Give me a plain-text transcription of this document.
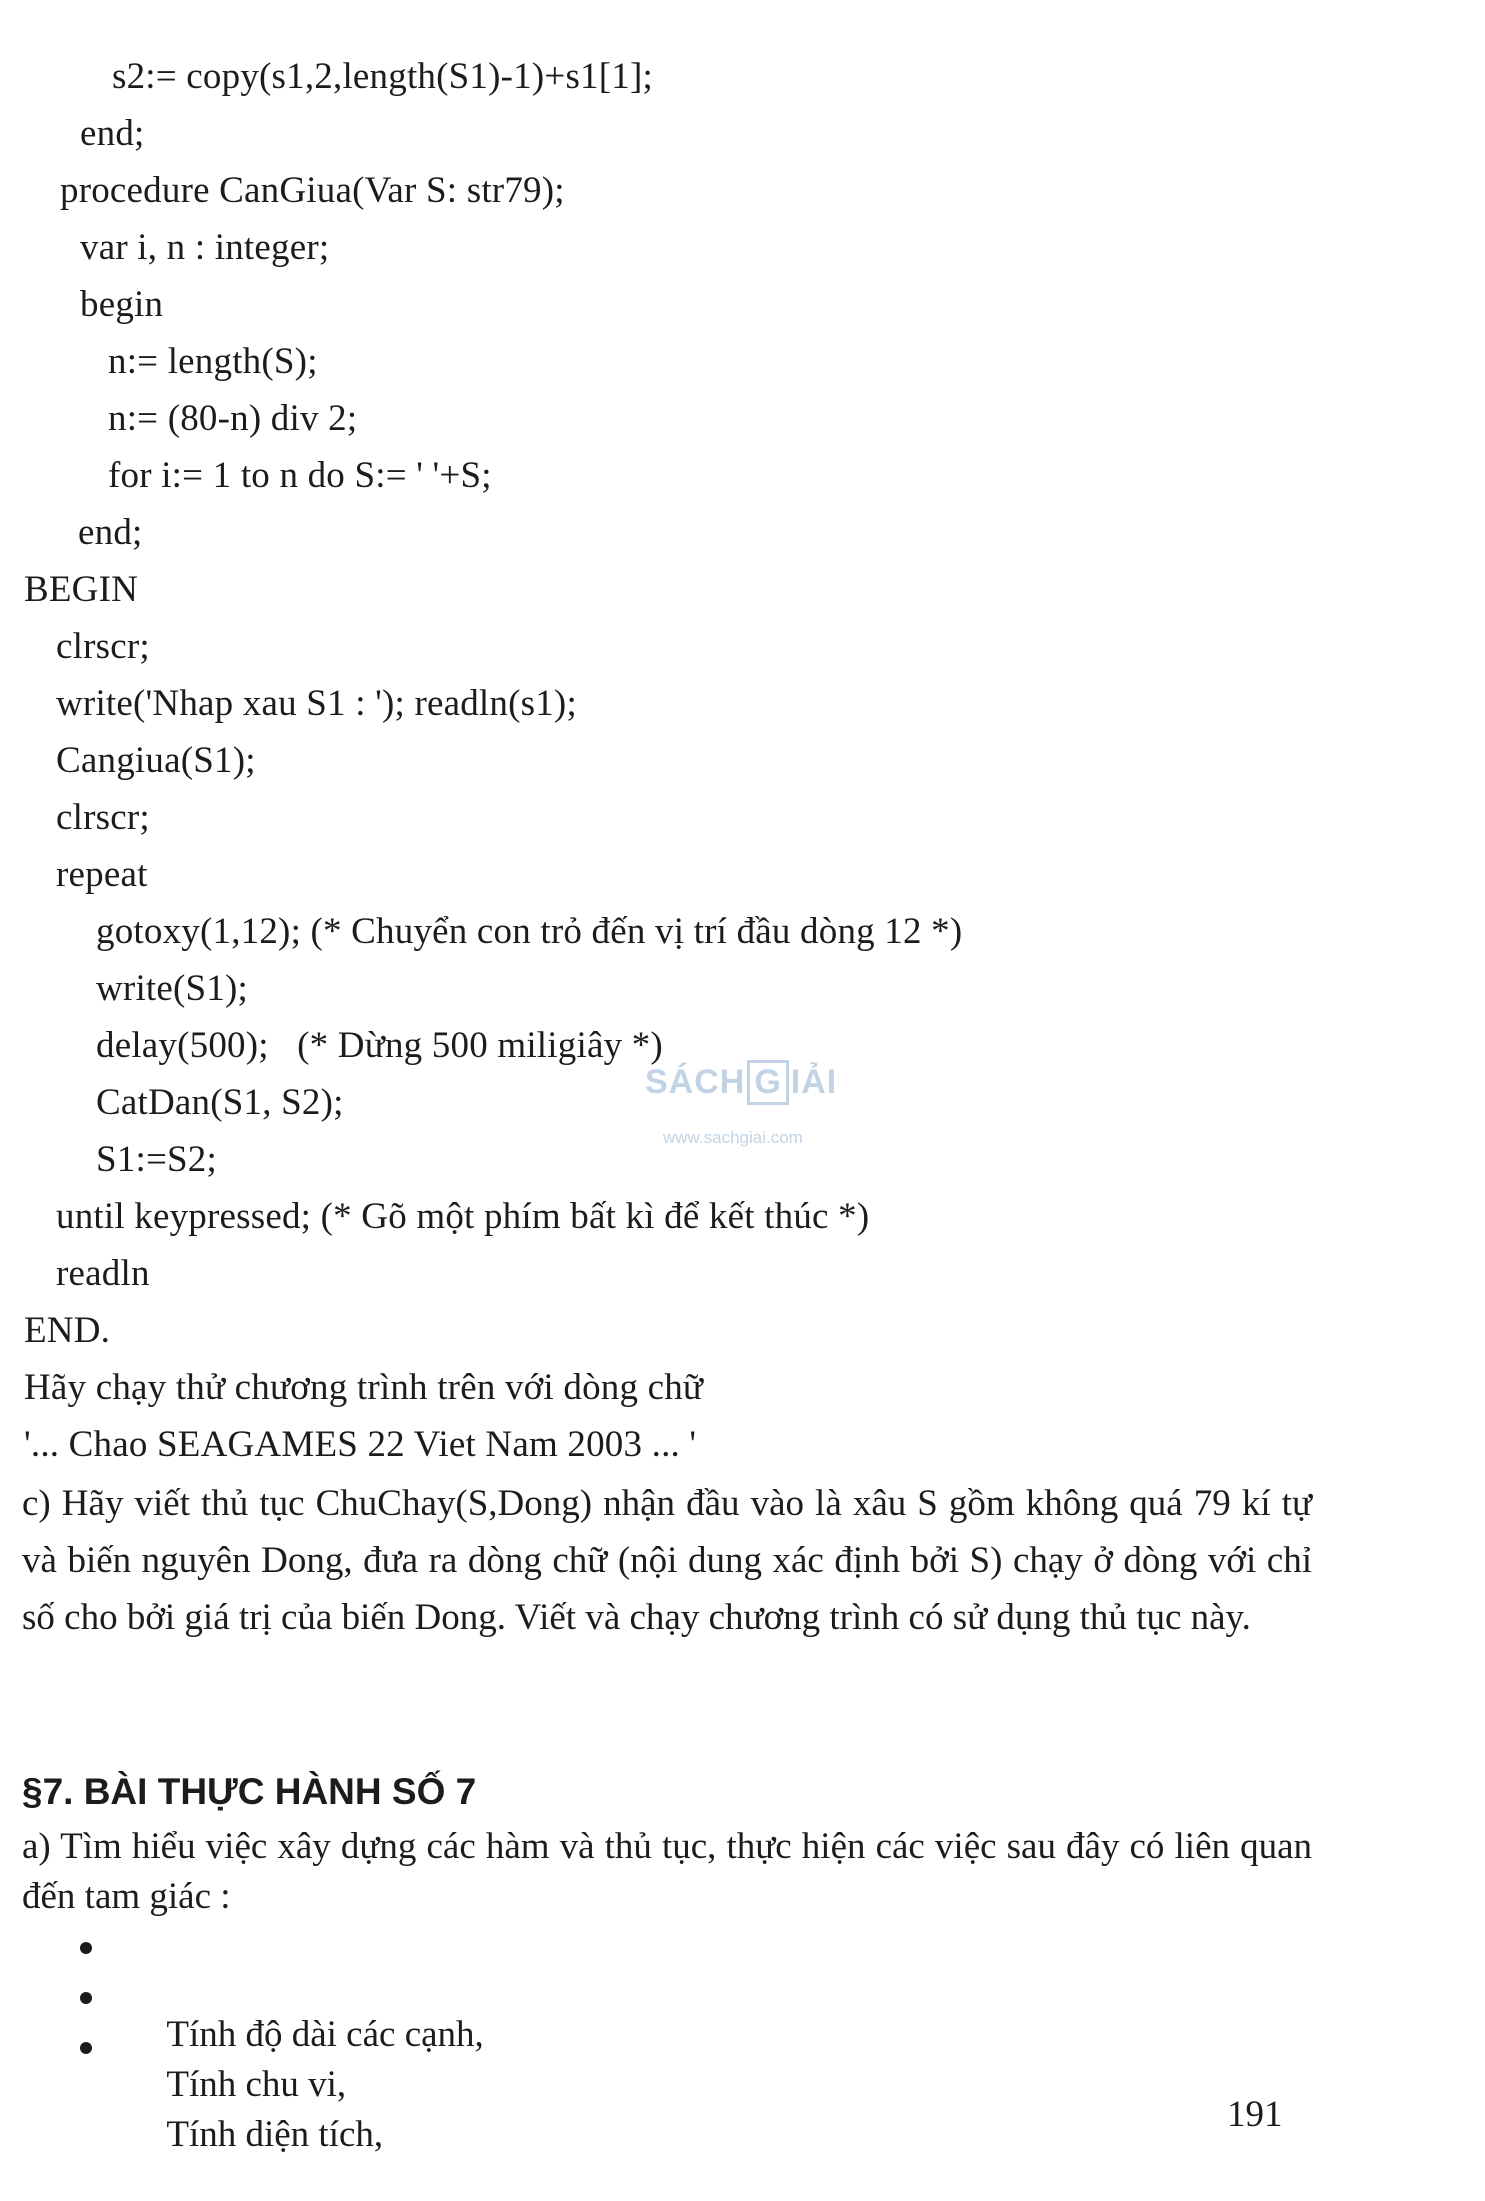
s2:= copy(s1,2,length(S1)-1)+s1[1];
end;
procedure CanGiua(Var S: str79);
var i, n : integer;
begin
n:= length(S);
n:= (80-n) div 2;
for i:= 1 to n do S:= ' '+S;
end;
BEGIN
clrscr;
write('Nhap xau S1 : '); readln(s1);
Cangiua(S1);
clrscr;
repeat
gotoxy(1,12); (* Chuyển con trỏ đến vị trí đầu dòng 12 *)
write(S1);
delay(500);   (* Dừng 500 miligiây *)
CatDan(S1, S2);
S1:=S2;
until keypressed; (* Gõ một phím bất kì để kết thúc *)
readln
END.
Hãy chạy thử chương trình trên với dòng chữ
'... Chao SEAGAMES 22 Viet Nam 2003 ... '
c) Hãy viết thủ tục ChuChay(S,Dong) nhận đầu vào là xâu S gồm không quá 79 kí tự và biến nguyên Dong, đưa ra dòng chữ (nội dung xác định bởi S) chạy ở dòng với chỉ số cho bởi giá trị của biến Dong. Viết và chạy chương trình có sử dụng thủ tục này.
§7. BÀI THỰC HÀNH SỐ 7
a) Tìm hiểu việc xây dựng các hàm và thủ tục, thực hiện các việc sau đây có liên quan đến tam giác :

Tính độ dài các cạnh,

Tính chu vi,

Tính diện tích,

SÁCH G IẢI
www.sachgiai.com
191
